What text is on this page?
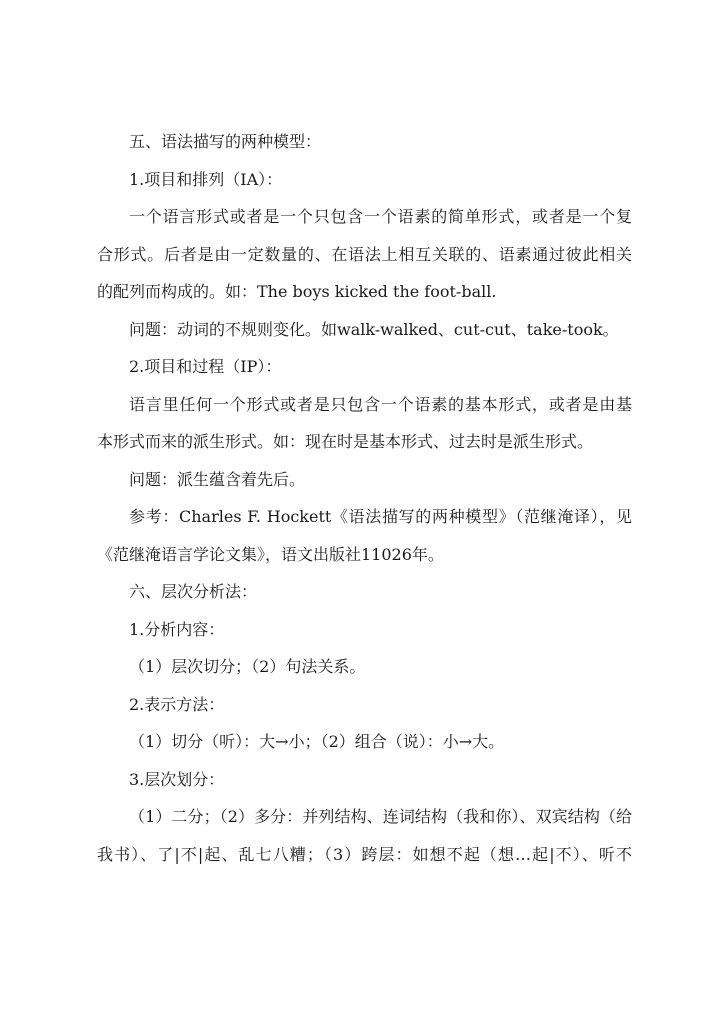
五、语法描写的两种模型：

1.项目和排列（IA）：

一个语言形式或者是一个只包含一个语素的简单形式，或者是一个复

合形式。后者是由一定数量的、在语法上相互关联的、语素通过彼此相关

的配列而构成的。如：The boys kicked the foot-ball.

问题：动词的不规则变化。如walk-walked、cut-cut、take-took。

2.项目和过程（IP）：

语言里任何一个形式或者是只包含一个语素的基本形式，或者是由基

本形式而来的派生形式。如：现在时是基本形式、过去时是派生形式。

问题：派生蕴含着先后。

参考：Charles F. Hockett《语法描写的两种模型》（范继淹译），见

《范继淹语言学论文集》，语文出版社11026年。

六、层次分析法：

1.分析内容：

（1）层次切分；（2）句法关系。

2.表示方法：

（1）切分（听）：大→小；（2）组合（说）：小→大。

3.层次划分：

（1）二分；（2）多分：并列结构、连词结构（我和你）、双宾结构（给

我书）、了|不|起、乱七八糟；（3）跨层：如想不起（想…起|不）、听不
